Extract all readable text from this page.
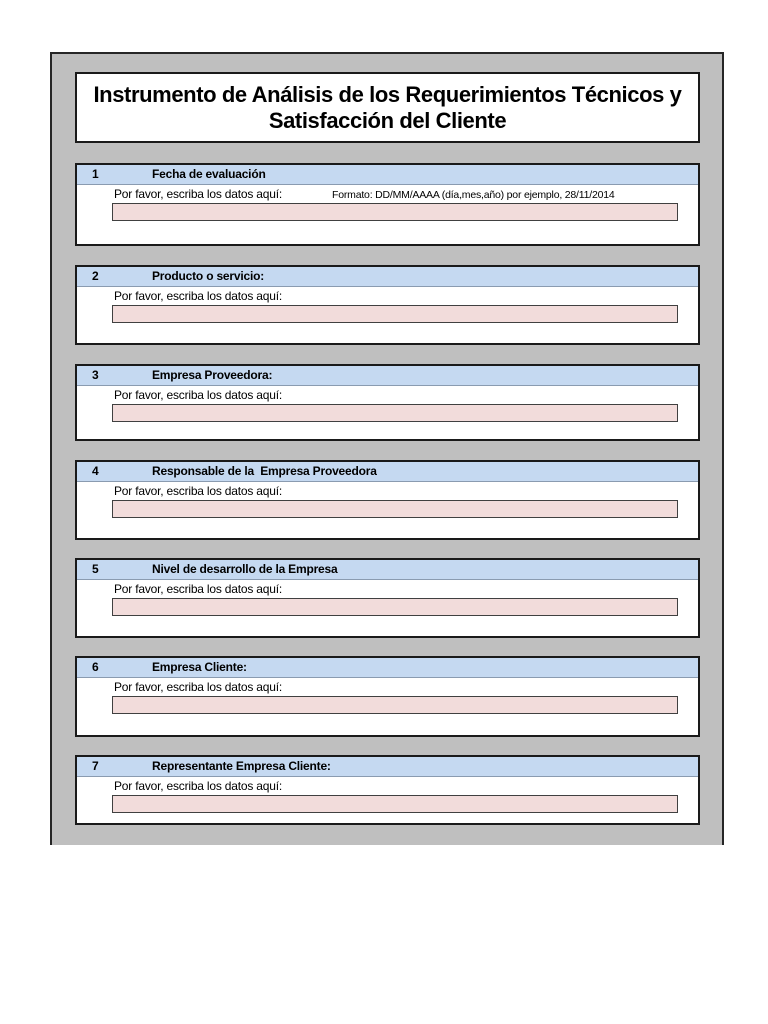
Instrumento de Análisis de los Requerimientos Técnicos y
Satisfacción del Cliente
1	Fecha de evaluación
Por favor, escriba los datos aquí:	Formato: DD/MM/AAAA (día,mes,año) por ejemplo, 28/11/2014
2	Producto o servicio:
Por favor, escriba los datos aquí:
3	Empresa Proveedora:
Por favor, escriba los datos aquí:
4	Responsable de la  Empresa Proveedora
Por favor, escriba los datos aquí:
5	Nivel de desarrollo de la Empresa
Por favor, escriba los datos aquí:
6	Empresa Cliente:
Por favor, escriba los datos aquí:
7	Representante Empresa Cliente:
Por favor, escriba los datos aquí:
